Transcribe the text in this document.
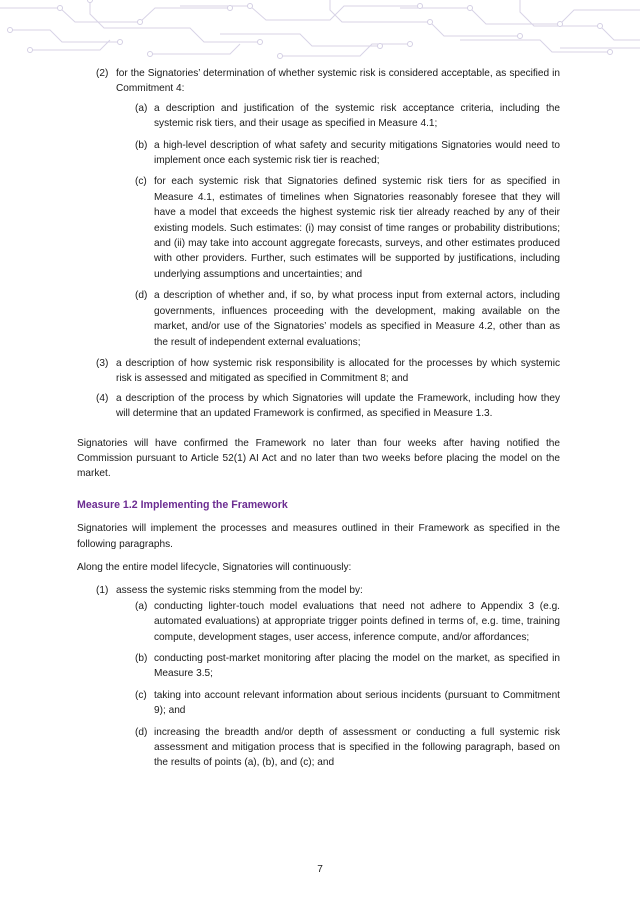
(2) for the Signatories’ determination of whether systemic risk is considered acceptable, as specified in Commitment 4:
(a) a description and justification of the systemic risk acceptance criteria, including the systemic risk tiers, and their usage as specified in Measure 4.1;
(b) a high-level description of what safety and security mitigations Signatories would need to implement once each systemic risk tier is reached;
(c) for each systemic risk that Signatories defined systemic risk tiers for as specified in Measure 4.1, estimates of timelines when Signatories reasonably foresee that they will have a model that exceeds the highest systemic risk tier already reached by any of their existing models. Such estimates: (i) may consist of time ranges or probability distributions; and (ii) may take into account aggregate forecasts, surveys, and other estimates produced with other providers. Further, such estimates will be supported by justifications, including underlying assumptions and uncertainties; and
(d) a description of whether and, if so, by what process input from external actors, including governments, influences proceeding with the development, making available on the market, and/or use of the Signatories’ models as specified in Measure 4.2, other than as the result of independent external evaluations;
(3) a description of how systemic risk responsibility is allocated for the processes by which systemic risk is assessed and mitigated as specified in Commitment 8; and
(4) a description of the process by which Signatories will update the Framework, including how they will determine that an updated Framework is confirmed, as specified in Measure 1.3.

Signatories will have confirmed the Framework no later than four weeks after having notified the Commission pursuant to Article 52(1) AI Act and no later than two weeks before placing the model on the market.

Measure 1.2 Implementing the Framework

Signatories will implement the processes and measures outlined in their Framework as specified in the following paragraphs.

Along the entire model lifecycle, Signatories will continuously:

(1) assess the systemic risks stemming from the model by:
(a) conducting lighter-touch model evaluations that need not adhere to Appendix 3 (e.g. automated evaluations) at appropriate trigger points defined in terms of, e.g. time, training compute, development stages, user access, inference compute, and/or affordances;
(b) conducting post-market monitoring after placing the model on the market, as specified in Measure 3.5;
(c) taking into account relevant information about serious incidents (pursuant to Commitment 9); and
(d) increasing the breadth and/or depth of assessment or conducting a full systemic risk assessment and mitigation process that is specified in the following paragraph, based on the results of points (a), (b), and (c); and
7
